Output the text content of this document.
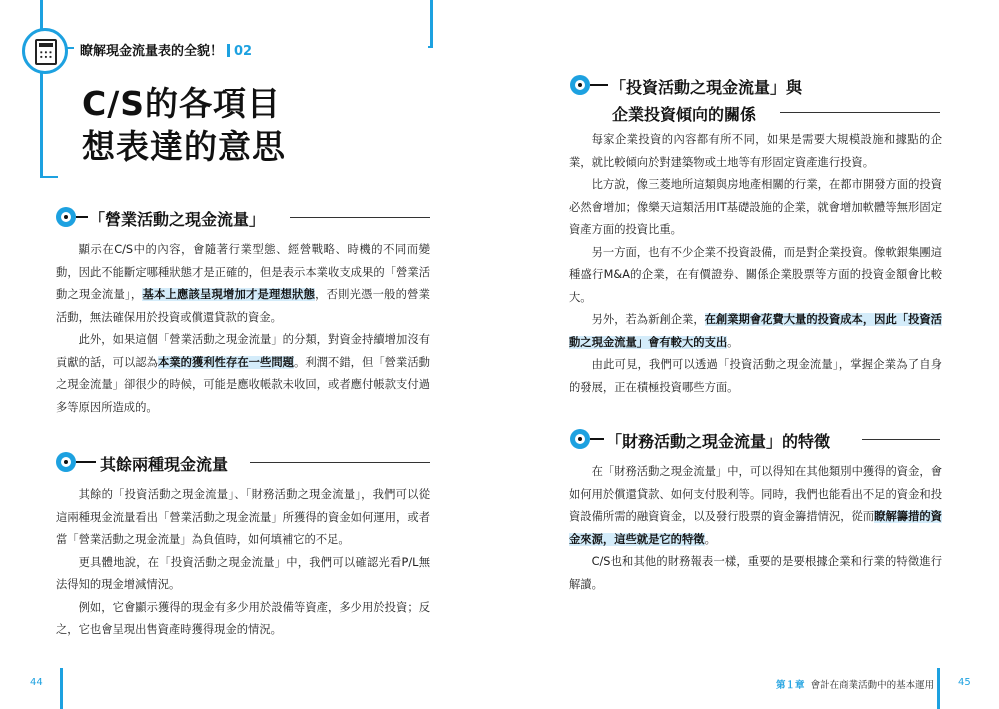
瞭解現金流量表的全貌！ 02
C/S的各項目
想表達的意思
「營業活動之現金流量」

顯示在C/S中的內容，會隨著行業型態、經營戰略、時機的不同而變動，因此不能斷定哪種狀態才是正確的，但是表示本業收支成果的「營業活動之現金流量」，基本上應該呈現增加才是理想狀態，否則光憑一般的營業活動，無法確保用於投資或償還貸款的資金。

此外，如果這個「營業活動之現金流量」的分類，對資金持續增加沒有貢獻的話，可以認為本業的獲利性存在一些問題。利潤不錯，但「營業活動之現金流量」卻很少的時候，可能是應收帳款未收回，或者應付帳款支付過多等原因所造成的。

其餘兩種現金流量

其餘的「投資活動之現金流量」、「財務活動之現金流量」，我們可以從這兩種現金流量看出「營業活動之現金流量」所獲得的資金如何運用，或者當「營業活動之現金流量」為負值時，如何填補它的不足。

更具體地說，在「投資活動之現金流量」中，我們可以確認光看P/L無法得知的現金增減情況。

例如，它會顯示獲得的現金有多少用於設備等資產，多少用於投資；反之，它也會呈現出售資產時獲得現金的情況。

44
「投資活動之現金流量」與
企業投資傾向的關係

每家企業投資的內容都有所不同，如果是需要大規模設施和據點的企業，就比較傾向於對建築物或土地等有形固定資產進行投資。

比方說，像三菱地所這類與房地產相關的行業，在都市開發方面的投資必然會增加；像樂天這類活用IT基礎設施的企業，就會增加軟體等無形固定資產方面的投資比重。

另一方面，也有不少企業不投資設備，而是對企業投資。像軟銀集團這種盛行M&A的企業，在有價證券、關係企業股票等方面的投資金額會比較大。

另外，若為新創企業，在創業期會花費大量的投資成本，因此「投資活動之現金流量」會有較大的支出。

由此可見，我們可以透過「投資活動之現金流量」，掌握企業為了自身的發展，正在積極投資哪些方面。

「財務活動之現金流量」的特徵

在「財務活動之現金流量」中，可以得知在其他類別中獲得的資金，會如何用於償還貸款、如何支付股利等。同時，我們也能看出不足的資金和投資設備所需的融資資金，以及發行股票的資金籌措情況，從而瞭解籌措的資金來源，這些就是它的特徵。

C/S也和其他的財務報表一樣，重要的是要根據企業和行業的特徵進行解讀。

第１章 會計在商業活動中的基本運用 45
